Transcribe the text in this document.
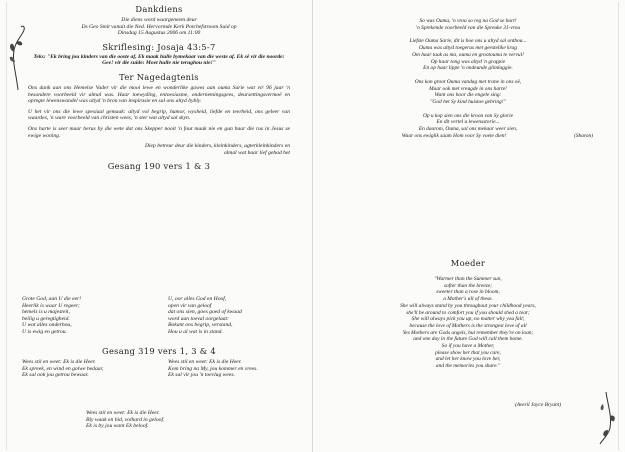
Dankdiens

Die diens word waargeneem deur

Ds Geo Smit vanuit die Ned. Hervormde Kerk Potchefstroom Suid op

Dinsdag 15 Augustus 2006 om 11:00

Skriflesing: Josaja 43:5-7

Teks: "Ek bring jou kinders van die ooste af, Ek maak hulle bymekaar van die weste af. Ek sê vir die noorde: Gee! vir die suide: Moet hulle nie terughou nie!"

Ter Nagedagtenis

Ons dank aan ons Hemelse Vader vir die mooi lewe en wonderlike gawes aan ouma Sarie wat vir 96 jaar 'n besondere voorbeeld vir almal was. Haar toewyding, entoesiasme, ondernemingsgees, deursettingsvermoë en opregte lewenswandel was altyd 'n bron van inspirasie en sal ons altyd bybly.

U het vir ons die lewe spesiaal gemaak: altyd vol begrip, humor, wysheid, liefde en teerheid, ons geleer van waardes, 'n ware voorbeeld van christen wees, 'n ster wat altyd sal skyn.

Ons harte is seer maar berus by die wete dat ons Skepper nooit 'n fout maak nie en gun haar die rus in Jesus se ewige woning.

Diep betreur deur die kinders, kleinkinders, agterkleinkinders en

almal wat haar lief gehad het

Gesang 190 vers 1 & 3

Grote God, aan U die eer!
Heerlik is waar U regeer;
hemels is u majesteit,
heilig u geregtigheid.
U wat alles onderhou,
U is ewig en getrou.
U, oor alles God en Hoof,
open vir van geloof
dat ons sien, goes goed of kwaad
word aan toeval oorgelaat:
Bokant ons begrip, verstand,
Hou u al wat is in stand.

Gesang 319 vers 1, 3 & 4

Wees stil en weet: Ek is die Heer.
Ek spreek, en wind en golwe bedaar,
Ek sal ook jou getrou bewaar.
Wees stil en weet: Ek is die Heer.
Kom bring na My, jou kommer en vrees.
Ek sal vir jou 'n toevlug wees.
Wees stil en weet: Ek is die Heer.
Bly waak en bid, volhard in geloof.
Ek is by jou want Ek beloof.

So was Ouma, 'n vrou so reg na God se hart!

'n Sprekende voorbeeld van die Spreuke 31-vrou

Liefste Ouma Sarie, dit is hoe ons u altyd sal onthou...

Ouma was altyd toegerus met geestelike krag

Om haar taak as ma, ouma en grootouma te vervul!

Op haar tong was altyd 'n grappie

En op haar lippe 'n ondeunde glimlaggie.

Ons kon groot Ouma vandag met trane in ons oë,

Maar ook met vreugde in ons harte!

Want ons hoor die engele sing:

"God het Sy kind huistoe gebring!"

Op u kop sien ons die kroon van Sy glorie

En dit vertel u lewensstorie...

En daarom, Ouma, sal ons mekaar weer sien,

Waar ons ewiglik saam Hom voor Sy voete dien!	(Sharon)

Moeder

"Warmer than the Summer sun,

softer than the breeze;

sweeter than a rose in bloom,

a Mother's all of these.

She will always stand by you throughout your childhood years,

she'll be around to comfort you if you should shed a tear;

She will always pick you up, no matter why you fall;

because the love of Mothers is the strongest love of all

Yes Mothers are Gods angels, but remember they're on loan;

and one day in the future God will call them home.

So if you have a Mother,

please show her that you care,

and let her know you love her,

and the memories you share."

(Averil Joyce Bryant)
